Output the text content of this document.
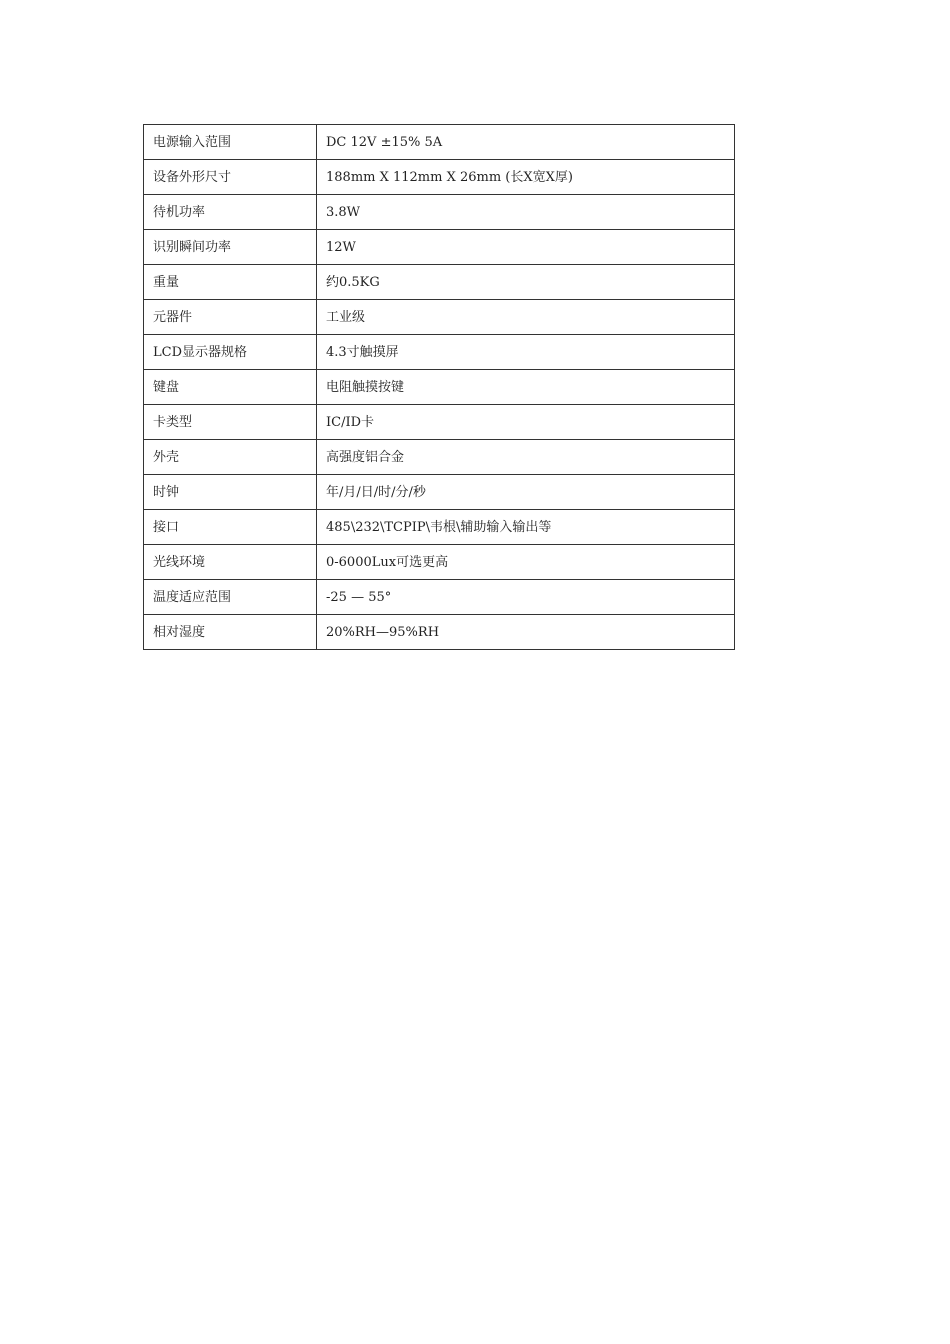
电源输入范围	DC 12V ±15% 5A
设备外形尺寸	188mm X 112mm X 26mm (长X宽X厚)
待机功率	3.8W
识别瞬间功率	12W
重量	约0.5KG
元器件	工业级
LCD显示器规格	4.3寸触摸屏
键盘	电阻触摸按键
卡类型	IC/ID卡
外壳	高强度铝合金
时钟	年/月/日/时/分/秒
接口	485\232\TCPIP\韦根\辅助输入输出等
光线环境	0-6000Lux可选更高
温度适应范围	-25 — 55°
相对湿度	20%RH—95%RH
